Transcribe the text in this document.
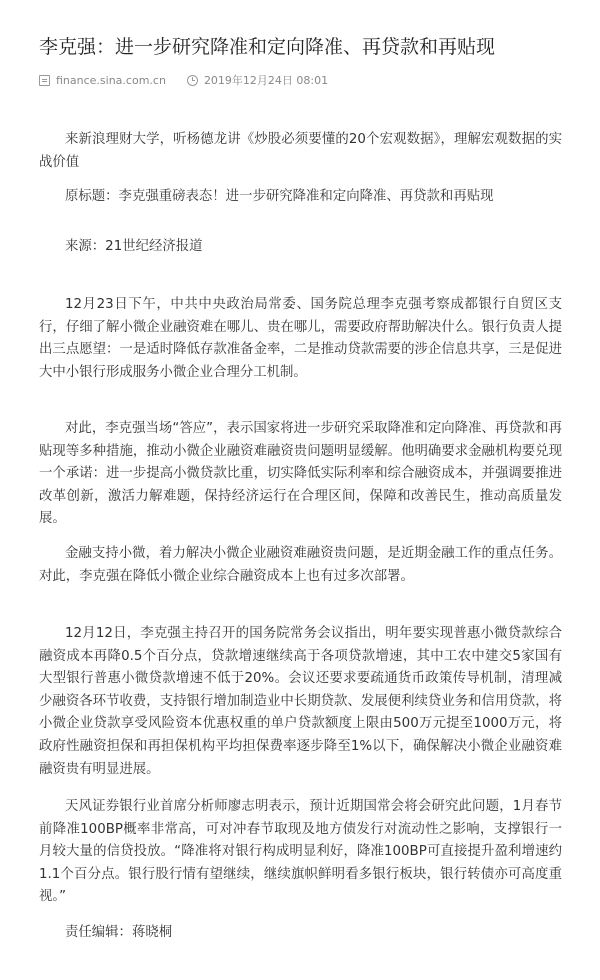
李克强：进一步研究降准和定向降准、再贷款和再贴现
finance.sina.com.cn	2019年12月24日 08:01

来新浪理财大学，听杨德龙讲《炒股必须要懂的20个宏观数据》，理解宏观数据的实战价值

原标题：李克强重磅表态！进一步研究降准和定向降准、再贷款和再贴现

来源：21世纪经济报道

12月23日下午，中共中央政治局常委、国务院总理李克强考察成都银行自贸区支行，仔细了解小微企业融资难在哪儿、贵在哪儿，需要政府帮助解决什么。银行负责人提出三点愿望：一是适时降低存款准备金率，二是推动贷款需要的涉企信息共享，三是促进大中小银行形成服务小微企业合理分工机制。

对此，李克强当场“答应”，表示国家将进一步研究采取降准和定向降准、再贷款和再贴现等多种措施，推动小微企业融资难融资贵问题明显缓解。他明确要求金融机构要兑现一个承诺：进一步提高小微贷款比重，切实降低实际利率和综合融资成本，并强调要推进改革创新，激活力解难题，保持经济运行在合理区间，保障和改善民生，推动高质量发展。

金融支持小微，着力解决小微企业融资难融资贵问题，是近期金融工作的重点任务。对此，李克强在降低小微企业综合融资成本上也有过多次部署。

12月12日，李克强主持召开的国务院常务会议指出，明年要实现普惠小微贷款综合融资成本再降0.5个百分点，贷款增速继续高于各项贷款增速，其中工农中建交5家国有大型银行普惠小微贷款增速不低于20%。会议还要求要疏通货币政策传导机制，清理减少融资各环节收费，支持银行增加制造业中长期贷款、发展便利续贷业务和信用贷款，将小微企业贷款享受风险资本优惠权重的单户贷款额度上限由500万元提至1000万元，将政府性融资担保和再担保机构平均担保费率逐步降至1%以下，确保解决小微企业融资难融资贵有明显进展。

天风证券银行业首席分析师廖志明表示，预计近期国常会将会研究此问题，1月春节前降准100BP概率非常高，可对冲春节取现及地方债发行对流动性之影响，支撑银行一月较大量的信贷投放。“降准将对银行构成明显利好，降准100BP可直接提升盈利增速约1.1个百分点。银行股行情有望继续，继续旗帜鲜明看多银行板块，银行转债亦可高度重视。”

责任编辑：蒋晓桐
